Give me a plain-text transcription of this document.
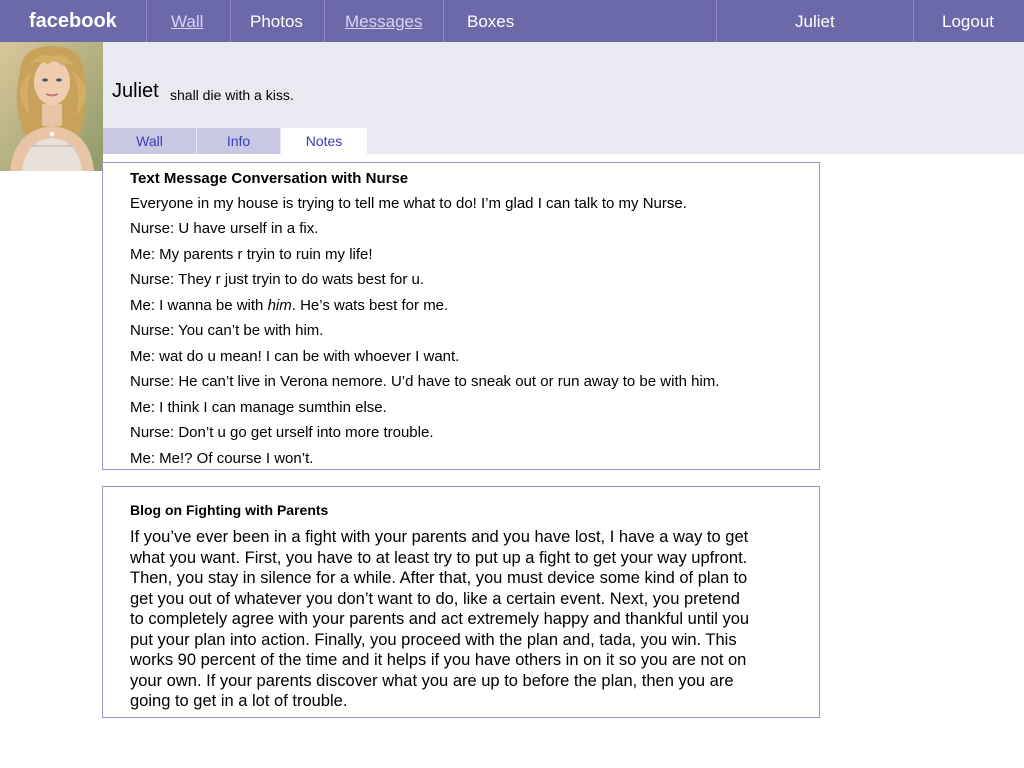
facebook	Wall	Photos Messages	Boxes	Juliet	Logout
Juliet shall die with a kiss.
Wall	Info	Notes
Text Message Conversation with Nurse
Everyone in my house is trying to tell me what to do! I’m glad I can talk to my Nurse.
Nurse: U have urself in a fix.
Me: My parents r tryin to ruin my life!
Nurse: They r just tryin to do wats best for u.
Me: I wanna be with him. He’s wats best for me.
Nurse: You can’t be with him.
Me: wat do u mean! I can be with whoever I want.
Nurse: He can’t live in Verona nemore. U’d have to sneak out or run away to be with him.
Me: I think I can manage sumthin else.
Nurse: Don’t u go get urself into more trouble.
Me: Me!? Of course I won’t.
Blog on Fighting with Parents
If you’ve ever been in a fight with your parents and you have lost, I have a way to get what you want. First, you have to at least try to put up a fight to get your way upfront. Then, you stay in silence for a while. After that, you must device some kind of plan to get you out of whatever you don’t want to do, like a certain event. Next, you pretend to completely agree with your parents and act extremely happy and thankful until you put your plan into action. Finally, you proceed with the plan and, tada, you win. This works 90 percent of the time and it helps if you have others in on it so you are not on your own. If your parents discover what you are up to before the plan, then you are going to get in a lot of trouble.
